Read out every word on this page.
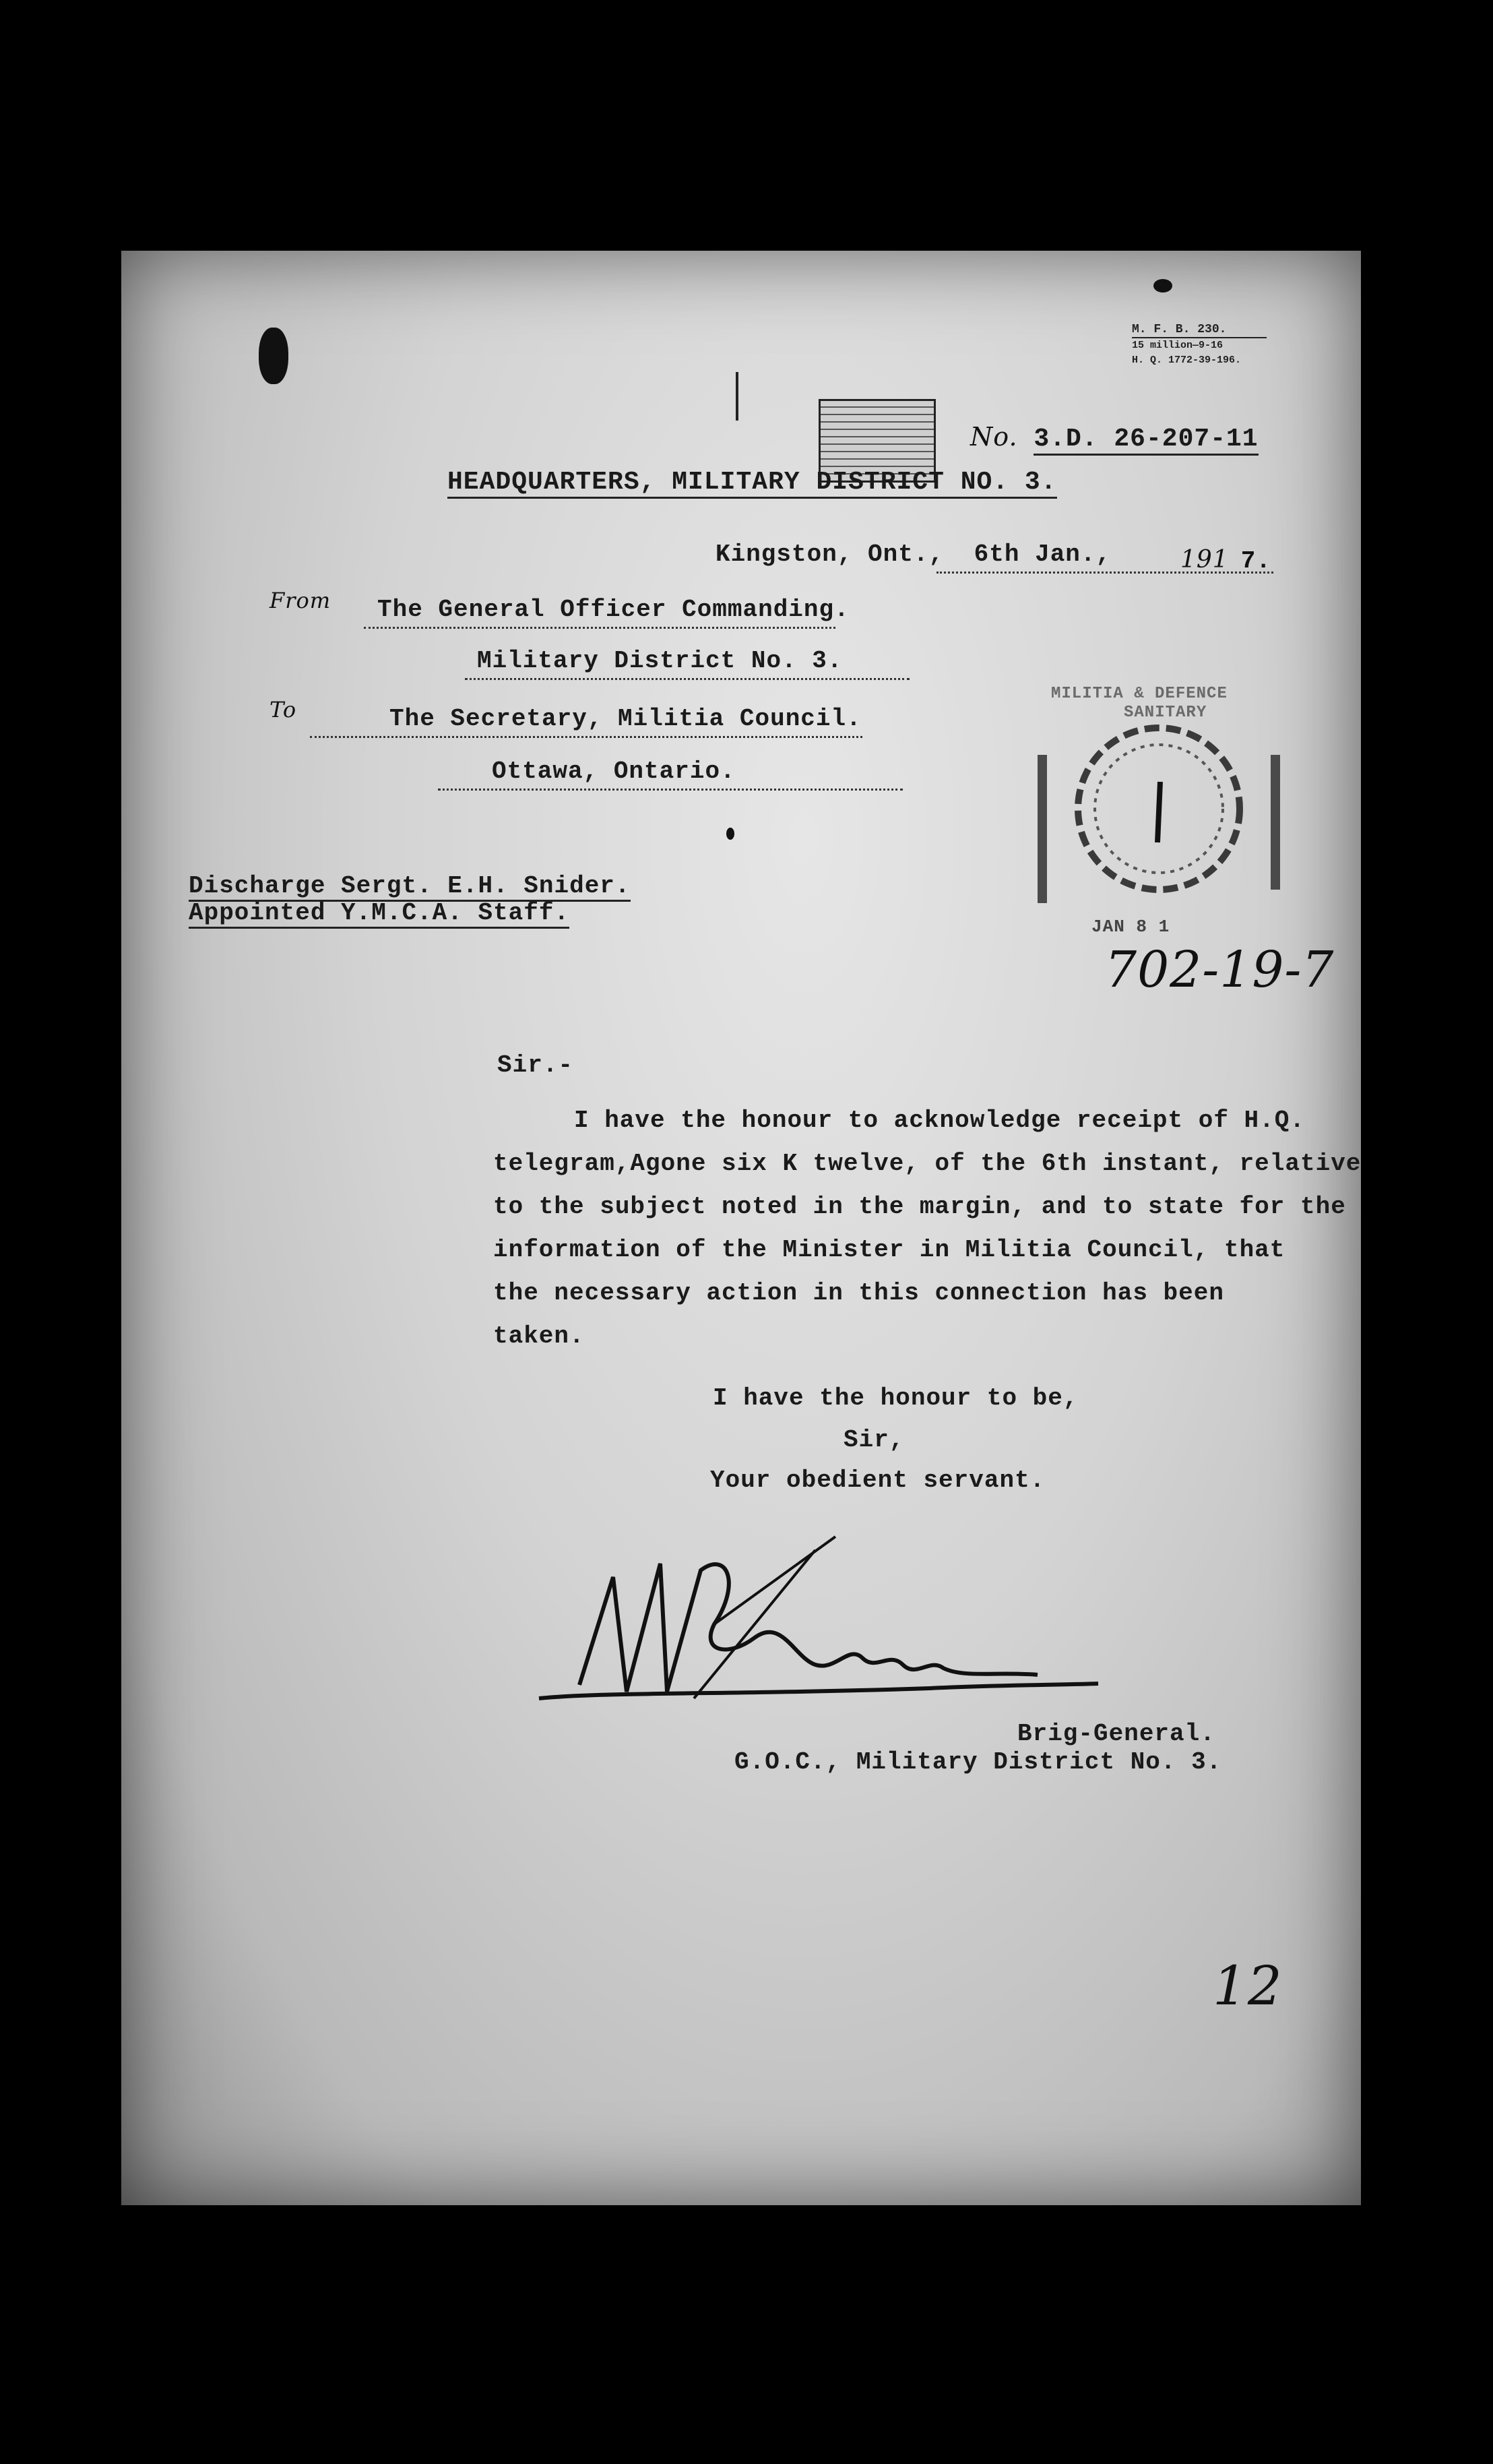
M. F. B. 230.
15 million—9-16
H. Q. 1772-39-196.
No. 3.D. 26-207-11
HEADQUARTERS, MILITARY DISTRICT NO. 3.
Kingston, Ont., 6th Jan.,	191 7.
From The General Officer Commanding.
Military District No. 3.
To	The Secretary, Militia Council.
Ottawa, Ontario.
Discharge Sergt. E.H. Snider.
Appointed Y.M.C.A. Staff.
MILITIA & DEFENCE
SANITARY
JAN 8 1
702-19-7
Sir.-
I have the honour to acknowledge receipt of H.Q.
telegram,Agone six K twelve, of the 6th instant, relative
to the subject noted in the margin, and to state for the
information of the Minister in Militia Council, that
the necessary action in this connection has been
taken.
I have the honour to be,
Sir,
Your obedient servant.
Brig-General.
G.O.C., Military District No. 3.
12
